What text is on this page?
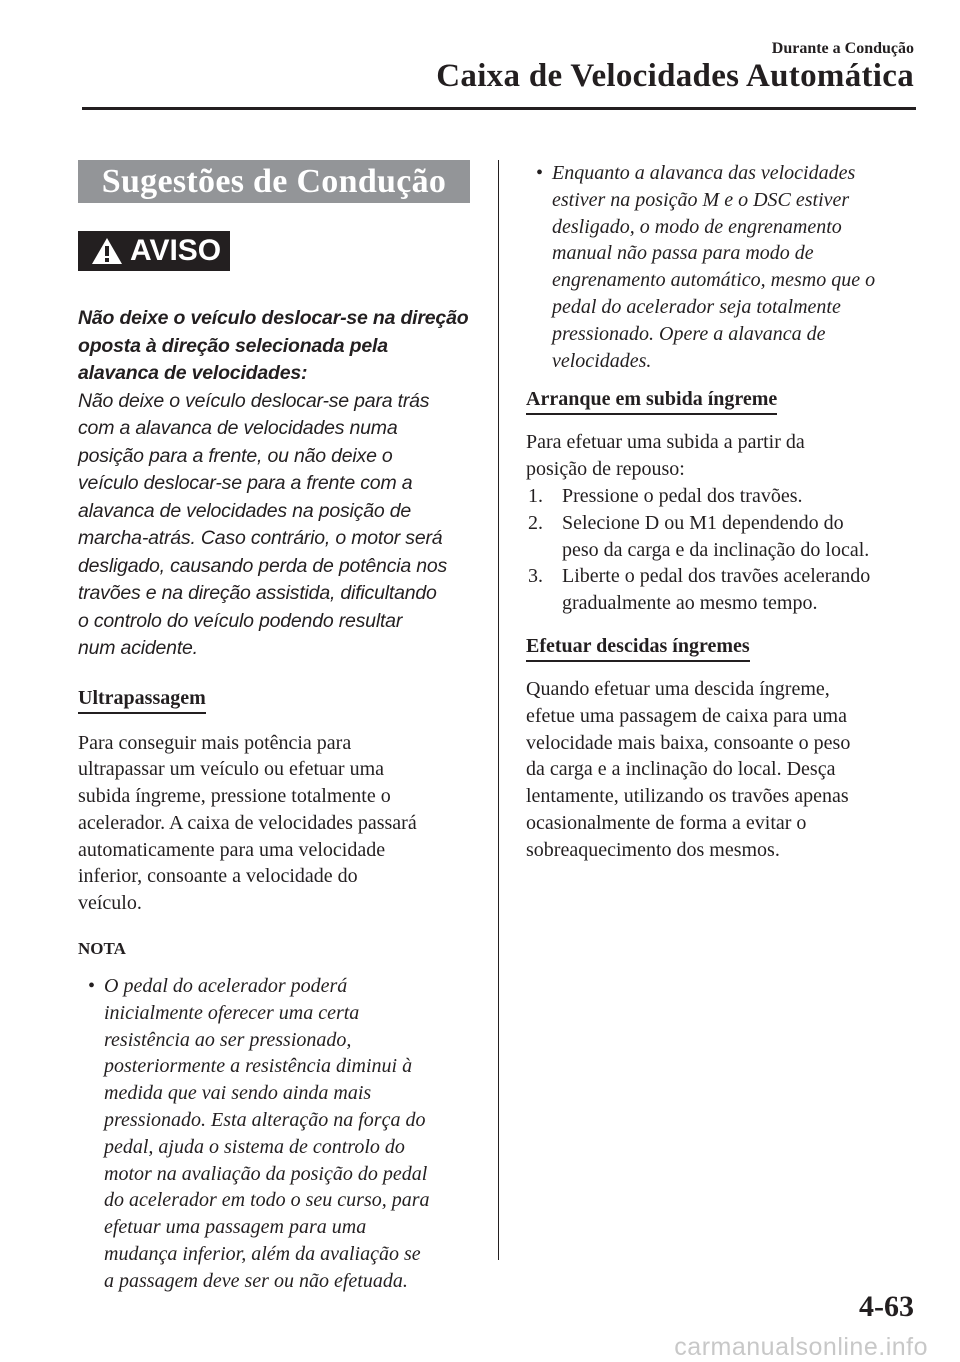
Durante a Condução
Caixa de Velocidades Automática
Sugestões de Condução
AVISO

Não deixe o veículo deslocar-se na direção
oposta à direção selecionada pela
alavanca de velocidades:

Não deixe o veículo deslocar-se para trás
com a alavanca de velocidades numa
posição para a frente, ou não deixe o
veículo deslocar-se para a frente com a
alavanca de velocidades na posição de
marcha-atrás. Caso contrário, o motor será
desligado, causando perda de potência nos
travões e na direção assistida, dificultando
o controlo do veículo podendo resultar
num acidente.

Ultrapassagem

Para conseguir mais potência para
ultrapassar um veículo ou efetuar uma
subida íngreme, pressione totalmente o
acelerador. A caixa de velocidades passará
automaticamente para uma velocidade
inferior, consoante a velocidade do
veículo.

NOTA

• O pedal do acelerador poderá
inicialmente oferecer uma certa
resistência ao ser pressionado,
posteriormente a resistência diminui à
medida que vai sendo ainda mais
pressionado. Esta alteração na força do
pedal, ajuda o sistema de controlo do
motor na avaliação da posição do pedal
do acelerador em todo o seu curso, para
efetuar uma passagem para uma
mudança inferior, além da avaliação se
a passagem deve ser ou não efetuada.

• Enquanto a alavanca das velocidades
estiver na posição M e o DSC estiver
desligado, o modo de engrenamento
manual não passa para modo de
engrenamento automático, mesmo que o
pedal do acelerador seja totalmente
pressionado. Opere a alavanca de
velocidades.

Arranque em subida íngreme

Para efetuar uma subida a partir da
posição de repouso:

1. Pressione o pedal dos travões.
2. Selecione D ou M1 dependendo do
peso da carga e da inclinação do local.
3. Liberte o pedal dos travões acelerando
gradualmente ao mesmo tempo.
Efetuar descidas íngremes

Quando efetuar uma descida íngreme,
efetue uma passagem de caixa para uma
velocidade mais baixa, consoante o peso
da carga e a inclinação do local. Desça
lentamente, utilizando os travões apenas
ocasionalmente de forma a evitar o
sobreaquecimento dos mesmos.

4-63
carmanualsonline.info
